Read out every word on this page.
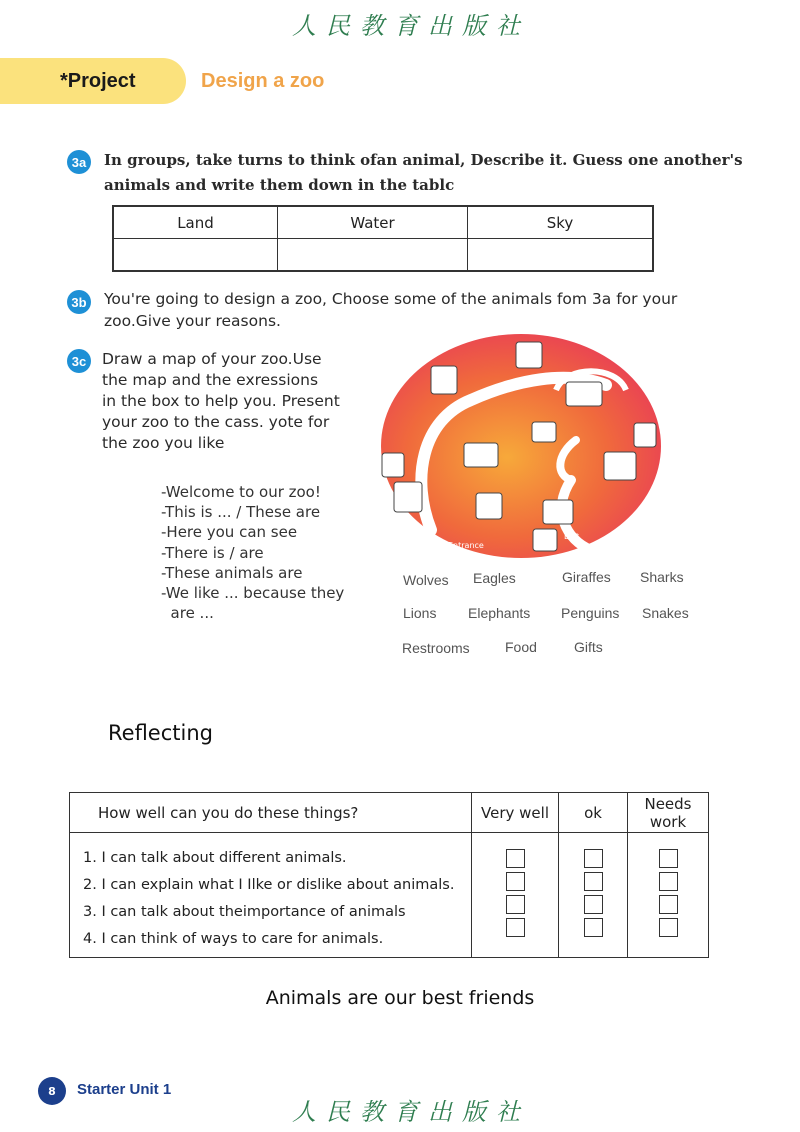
人民教育出版社
*Project	Design a zoo
3a	In groups, take turns to think ofan animal, Describe it. Guess one another's
animals and write them down in the tablc
Land	Water	Sky

3b You're going to design a zoo, Choose some of the animals fom 3a for your
zoo.Give your reasons.
3c	Draw a map of your zoo.Use
the map and the exressions
in the box to help you. Present
your zoo to the cass. yote for
the zoo you like
-Welcome to our zoo!
-This is ... / These are
-Here you can see
-There is / are
-These animals are
-We like ... because they
are ...
Entrance
Exit
Wolves Eagles	Giraffes Sharks
Lions Elephants Penguins Snakes
Restrooms	Food	Gifts
Reflecting
How well can you do these things?	Very well	ok	Needs work

1. I can talk about different animals.
2. I can explain what I Ilke or dislike about animals.
3. I can talk about theimportance of animals
4. I can think of ways to care for animals.			

Animals are our best friends
8	Starter Unit 1
人民教育出版社
